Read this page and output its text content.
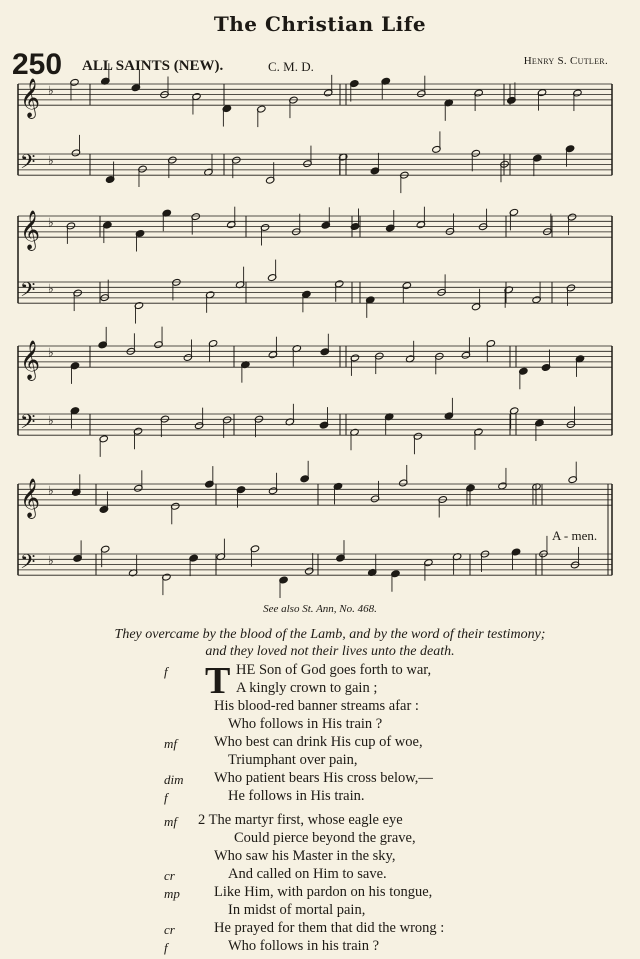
The Christian Life
250 ALL SAINTS (NEW).	C. M. D.	Henry S. Cutler.
𝄞 ♭
𝄢 ♭
𝄞 ♭
𝄢 ♭
𝄞 ♭
𝄢 ♭
𝄞 ♭
𝄢 ♭
A - men.
See also St. Ann, No. 468.
They overcame by the blood of the Lamb, and by the word of their testimony;
and they loved not their lives unto the death.
T HE Son of God goes forth to war,
A kingly crown to gain ;
His blood-red banner streams afar :
Who follows in His train ?
Who best can drink His cup of woe,
Triumphant over pain,
Who patient bears His cross below,—
He follows in His train.
2 The martyr first, whose eagle eye
Could pierce beyond the grave,
Who saw his Master in the sky,
And called on Him to save.
Like Him, with pardon on his tongue,
In midst of mortal pain,
He prayed for them that did the wrong :
Who follows in his train ?
f
mf
dim
f
mf
cr
mp
cr
f
